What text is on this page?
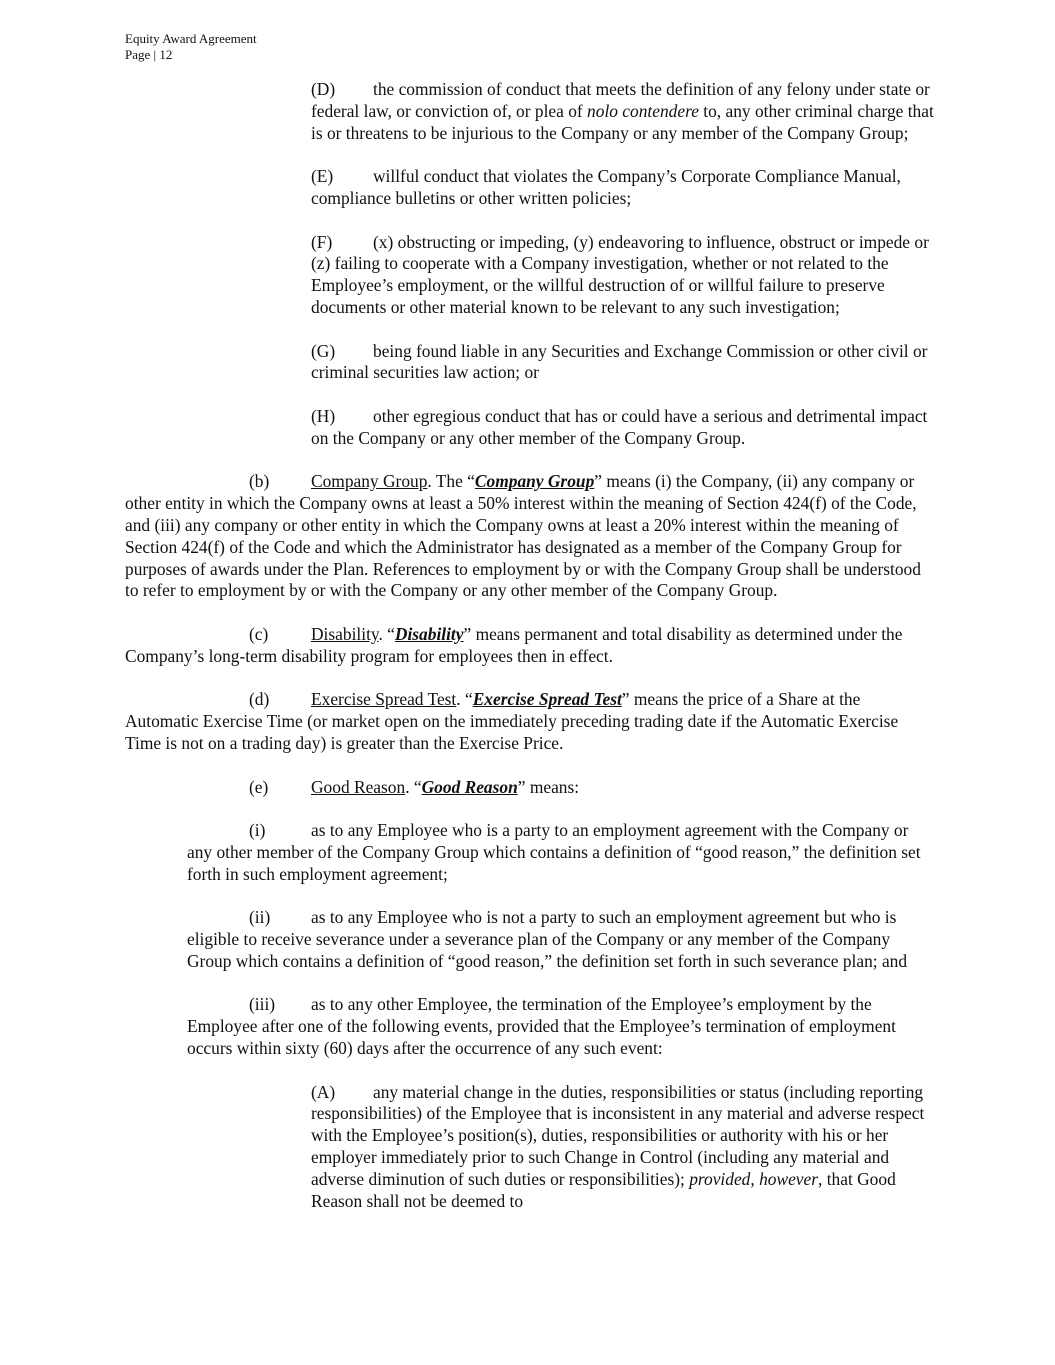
Equity Award Agreement
Page | 12

(D) the commission of conduct that meets the definition of any felony under state or federal law, or conviction of, or plea of nolo contendere to, any other criminal charge that is or threatens to be injurious to the Company or any member of the Company Group;

(E) willful conduct that violates the Company’s Corporate Compliance Manual, compliance bulletins or other written policies;

(F) (x) obstructing or impeding, (y) endeavoring to influence, obstruct or impede or (z) failing to cooperate with a Company investigation, whether or not related to the Employee’s employment, or the willful destruction of or willful failure to preserve documents or other material known to be relevant to any such investigation;

(G) being found liable in any Securities and Exchange Commission or other civil or criminal securities law action; or

(H) other egregious conduct that has or could have a serious and detrimental impact on the Company or any other member of the Company Group.

(b) Company Group. The “Company Group” means (i) the Company, (ii) any company or other entity in which the Company owns at least a 50% interest within the meaning of Section 424(f) of the Code, and (iii) any company or other entity in which the Company owns at least a 20% interest within the meaning of Section 424(f) of the Code and which the Administrator has designated as a member of the Company Group for purposes of awards under the Plan. References to employment by or with the Company Group shall be understood to refer to employment by or with the Company or any other member of the Company Group.

(c) Disability. “Disability” means permanent and total disability as determined under the Company’s long-term disability program for employees then in effect.

(d) Exercise Spread Test. “Exercise Spread Test” means the price of a Share at the Automatic Exercise Time (or market open on the immediately preceding trading date if the Automatic Exercise Time is not on a trading day) is greater than the Exercise Price.

(e) Good Reason. “Good Reason” means:

(i)	as to any Employee who is a party to an employment agreement with the Company or any other member of the Company Group which contains a definition of “good reason,” the definition set forth in such employment agreement;

(ii) as to any Employee who is not a party to such an employment agreement but who is eligible to receive severance under a severance plan of the Company or any member of the Company Group which contains a definition of “good reason,” the definition set forth in such severance plan; and

(iii) as to any other Employee, the termination of the Employee’s employment by the Employee after one of the following events, provided that the Employee’s termination of employment occurs within sixty (60) days after the occurrence of any such event:

(A) any material change in the duties, responsibilities or status (including reporting responsibilities) of the Employee that is inconsistent in any material and adverse respect with the Employee’s position(s), duties, responsibilities or authority with his or her employer immediately prior to such Change in Control (including any material and adverse diminution of such duties or responsibilities); provided, however, that Good Reason shall not be deemed to
